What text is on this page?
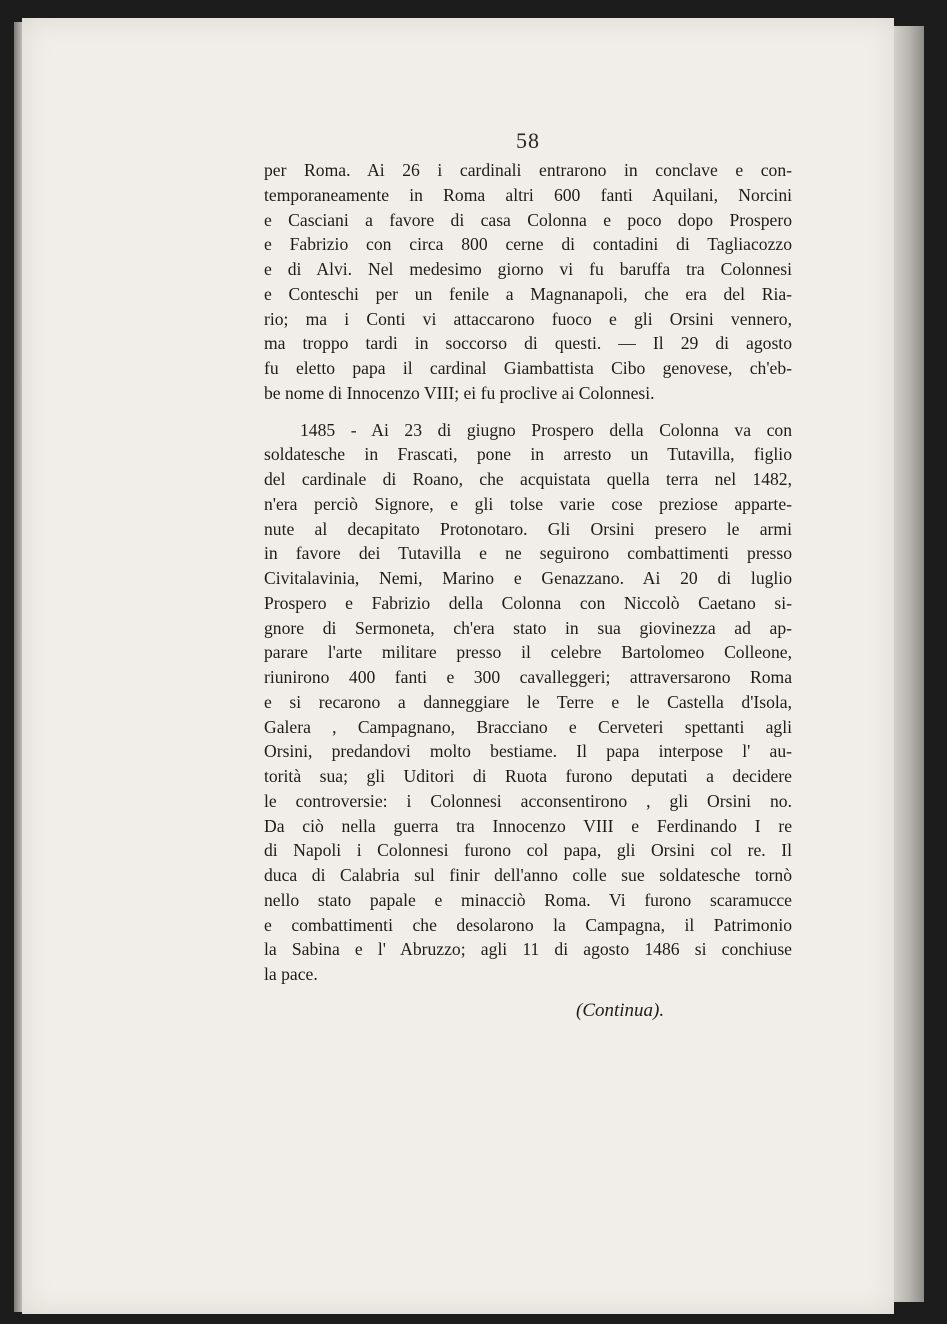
58
per Roma. Ai 26 i cardinali entrarono in conclave e con-
temporaneamente in Roma altri 600 fanti Aquilani, Norcini
e Casciani a favore di casa Colonna e poco dopo Prospero
e Fabrizio con circa 800 cerne di contadini di Tagliacozzo
e di Alvi. Nel medesimo giorno vi fu baruffa tra Colonnesi
e Conteschi per un fenile a Magnanapoli, che era del Ria-
rio; ma i Conti vi attaccarono fuoco e gli Orsini vennero,
ma troppo tardi in soccorso di questi. — Il 29 di agosto
fu eletto papa il cardinal Giambattista Cibo genovese, ch'eb-
be nome di Innocenzo VIII; ei fu proclive ai Colonnesi.
1485 - Ai 23 di giugno Prospero della Colonna va con
soldatesche in Frascati, pone in arresto un Tutavilla, figlio
del cardinale di Roano, che acquistata quella terra nel 1482,
n'era perciò Signore, e gli tolse varie cose preziose apparte-
nute al decapitato Protonotaro. Gli Orsini presero le armi
in favore dei Tutavilla e ne seguirono combattimenti presso
Civitalavinia, Nemi, Marino e Genazzano. Ai 20 di luglio
Prospero e Fabrizio della Colonna con Niccolò Caetano si-
gnore di Sermoneta, ch'era stato in sua giovinezza ad ap-
parare l'arte militare presso il celebre Bartolomeo Colleone,
riunirono 400 fanti e 300 cavalleggeri; attraversarono Roma
e si recarono a danneggiare le Terre e le Castella d'Isola,
Galera , Campagnano, Bracciano e Cerveteri spettanti agli
Orsini, predandovi molto bestiame. Il papa interpose l' au-
torità sua; gli Uditori di Ruota furono deputati a decidere
le controversie: i Colonnesi acconsentirono , gli Orsini no.
Da ciò nella guerra tra Innocenzo VIII e Ferdinando I re
di Napoli i Colonnesi furono col papa, gli Orsini col re. Il
duca di Calabria sul finir dell'anno colle sue soldatesche tornò
nello stato papale e minacciò Roma. Vi furono scaramucce
e combattimenti che desolarono la Campagna, il Patrimonio
la Sabina e l' Abruzzo; agli 11 di agosto 1486 si conchiuse
la pace.
(Continua).
